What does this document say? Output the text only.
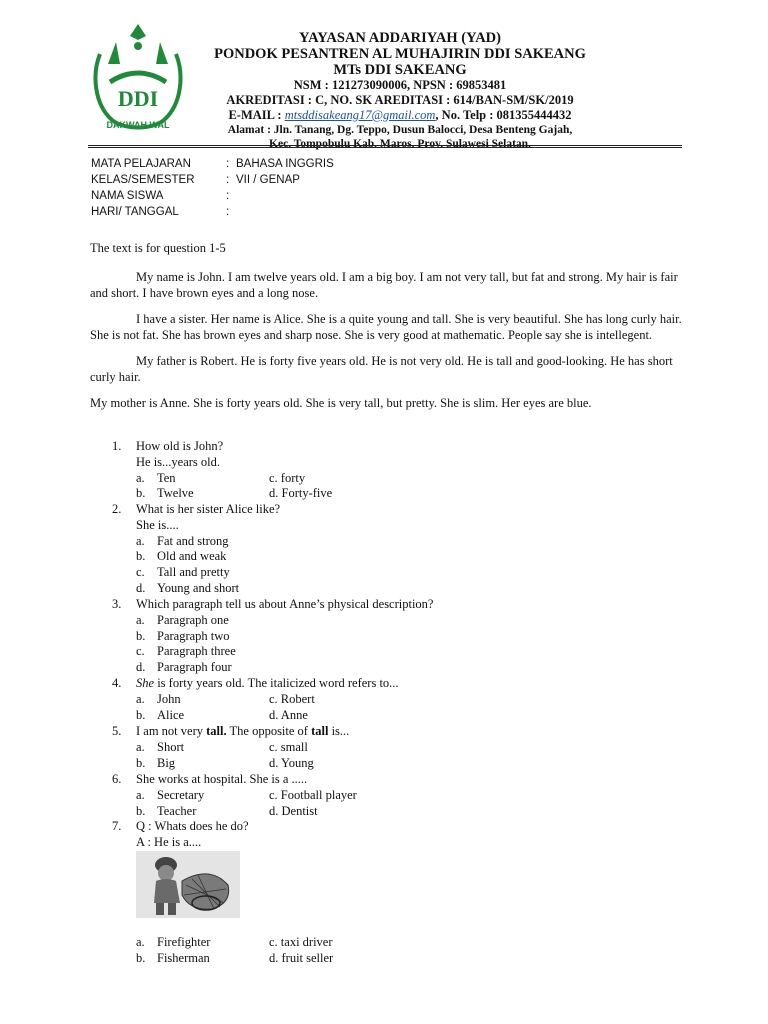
DDI
DAKWAH WAL
YAYASAN ADDARIYAH (YAD)
PONDOK PESANTREN AL MUHAJIRIN DDI SAKEANG
MTs DDI SAKEANG
NSM : 121273090006, NPSN : 69853481
AKREDITASI : C, NO. SK AREDITASI : 614/BAN-SM/SK/2019
E-MAIL : mtsddisakeang17@gmail.com, No. Telp : 081355444432
Alamat : Jln. Tanang, Dg. Teppo, Dusun Balocci, Desa Benteng Gajah,
Kec. Tompobulu Kab. Maros. Prov. Sulawesi Selatan.
MATA PELAJARAN	: BAHASA INGGRIS
KELAS/SEMESTER	: VII / GENAP
NAMA SISWA	:
HARI/ TANGGAL	:

The text is for question 1-5

My name is John. I am twelve years old. I am a big boy. I am not very tall, but fat and strong. My hair is fair and short. I have brown eyes and a long nose.

I have a sister. Her name is Alice. She is a quite young and tall. She is very beautiful. She has long curly hair. She is not fat. She has brown eyes and sharp nose. She is very good at mathematic. People say she is intellegent.

My father is Robert. He is forty five years old. He is not very old. He is tall and good-looking. He has short curly hair.

My mother is Anne. She is forty years old. She is very tall, but pretty. She is slim. Her eyes are blue.

1. How old is John?
He is...years old.
a. Ten	c. forty
b. Twelve	d. Forty-five
2. What is her sister Alice like?
She is....
a. Fat and strong
b. Old and weak
c. Tall and pretty
d. Young and short
3. Which paragraph tell us about Anne’s physical description?
a. Paragraph one
b. Paragraph two
c. Paragraph three
d. Paragraph four
4. She is forty years old. The italicized word refers to...
a. John	c. Robert
b. Alice	d. Anne
5. I am not very tall. The opposite of tall is...
a. Short	c. small
b. Big	d. Young
6. She works at hospital. She is a .....
a. Secretary	c. Football player
b. Teacher	d. Dentist
7. Q : Whats does he do?
A : He is a....
a. Firefighter	c. taxi driver
b. Fisherman	d. fruit seller
